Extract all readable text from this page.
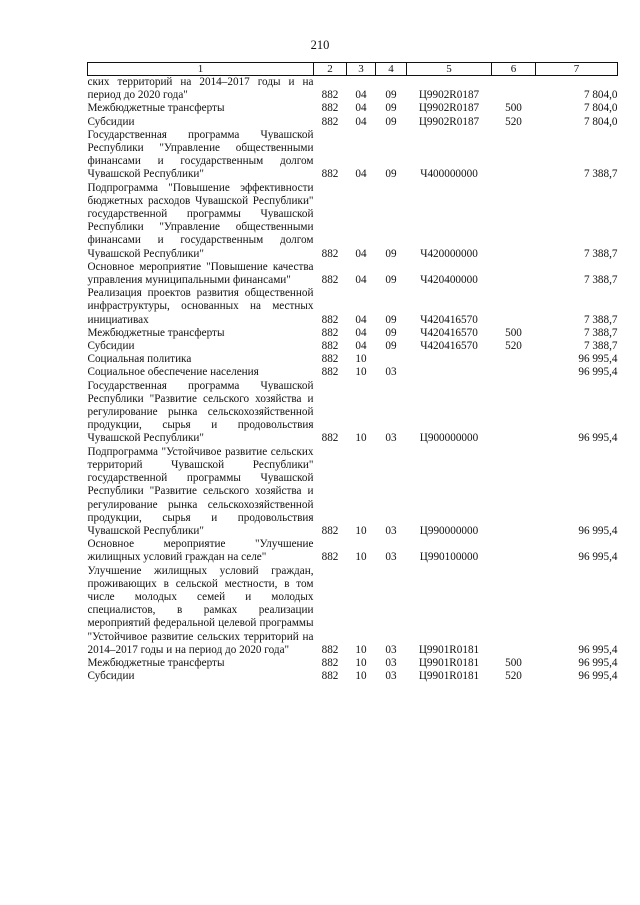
210
1	2	3	4	5	6	7
ских территорий на 2014–2017 годы и на период до 2020 года"	882	04	09	Ц9902R0187		7 804,0
Межбюджетные трансферты	882	04	09	Ц9902R0187	500	7 804,0
Субсидии	882	04	09	Ц9902R0187	520	7 804,0
Государственная программа Чувашской Республики "Управление общественными финансами и государственным долгом Чувашской Республики"	882	04	09	Ч400000000		7 388,7
Подпрограмма "Повышение эффективности бюджетных расходов Чувашской Республики" государственной программы Чувашской Республики "Управление общественными финансами и государственным долгом Чувашской Республики"	882	04	09	Ч420000000		7 388,7
Основное мероприятие "Повышение качества управления муниципальными финансами"	882	04	09	Ч420400000		7 388,7
Реализация проектов развития общественной инфраструктуры, основанных на местных инициативах	882	04	09	Ч420416570		7 388,7
Межбюджетные трансферты	882	04	09	Ч420416570	500	7 388,7
Субсидии	882	04	09	Ч420416570	520	7 388,7
Социальная политика	882	10				96 995,4
Социальное обеспечение населения	882	10	03			96 995,4
Государственная программа Чувашской Республики "Развитие сельского хозяйства и регулирование рынка сельскохозяйственной продукции, сырья и продовольствия Чувашской Республики"	882	10	03	Ц900000000		96 995,4
Подпрограмма "Устойчивое развитие сельских территорий Чувашской Республики" государственной программы Чувашской Республики "Развитие сельского хозяйства и регулирование рынка сельскохозяйственной продукции, сырья и продовольствия Чувашской Республики"	882	10	03	Ц990000000		96 995,4
Основное мероприятие "Улучшение жилищных условий граждан на селе"	882	10	03	Ц990100000		96 995,4
Улучшение жилищных условий граждан, проживающих в сельской местности, в том числе молодых семей и молодых специалистов, в рамках реализации мероприятий федеральной целевой программы "Устойчивое развитие сельских территорий на 2014–2017 годы и на период до 2020 года"	882	10	03	Ц9901R0181		96 995,4
Межбюджетные трансферты	882	10	03	Ц9901R0181	500	96 995,4
Субсидии	882	10	03	Ц9901R0181	520	96 995,4
